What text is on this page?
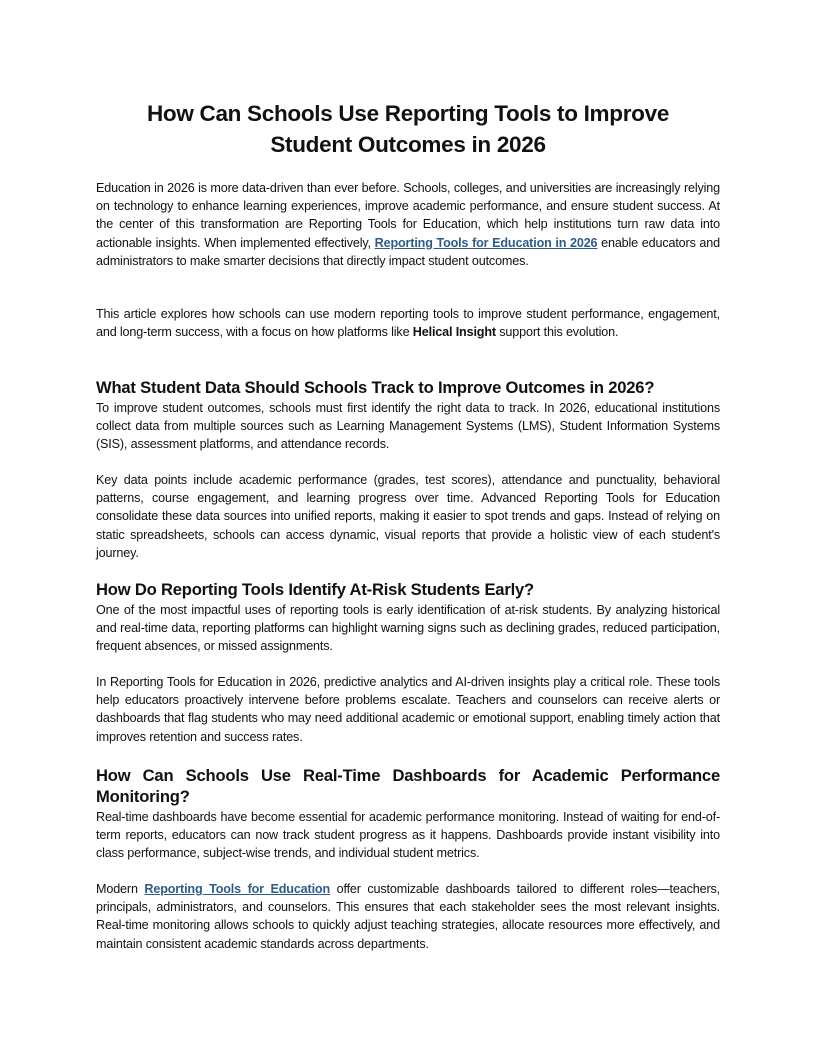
How Can Schools Use Reporting Tools to Improve
Student Outcomes in 2026

Education in 2026 is more data-driven than ever before. Schools, colleges, and universities are increasingly relying on technology to enhance learning experiences, improve academic performance, and ensure student success. At the center of this transformation are Reporting Tools for Education, which help institutions turn raw data into actionable insights. When implemented effectively, Reporting Tools for Education in 2026 enable educators and administrators to make smarter decisions that directly impact student outcomes.

This article explores how schools can use modern reporting tools to improve student performance, engagement, and long-term success, with a focus on how platforms like Helical Insight support this evolution.

What Student Data Should Schools Track to Improve Outcomes in 2026?

To improve student outcomes, schools must first identify the right data to track. In 2026, educational institutions collect data from multiple sources such as Learning Management Systems (LMS), Student Information Systems (SIS), assessment platforms, and attendance records.

Key data points include academic performance (grades, test scores), attendance and punctuality, behavioral patterns, course engagement, and learning progress over time. Advanced Reporting Tools for Education consolidate these data sources into unified reports, making it easier to spot trends and gaps. Instead of relying on static spreadsheets, schools can access dynamic, visual reports that provide a holistic view of each student's journey.

How Do Reporting Tools Identify At-Risk Students Early?

One of the most impactful uses of reporting tools is early identification of at-risk students. By analyzing historical and real-time data, reporting platforms can highlight warning signs such as declining grades, reduced participation, frequent absences, or missed assignments.

In Reporting Tools for Education in 2026, predictive analytics and AI-driven insights play a critical role. These tools help educators proactively intervene before problems escalate. Teachers and counselors can receive alerts or dashboards that flag students who may need additional academic or emotional support, enabling timely action that improves retention and success rates.

How Can Schools Use Real-Time Dashboards for Academic Performance Monitoring?

Real-time dashboards have become essential for academic performance monitoring. Instead of waiting for end-of-term reports, educators can now track student progress as it happens. Dashboards provide instant visibility into class performance, subject-wise trends, and individual student metrics.

Modern Reporting Tools for Education offer customizable dashboards tailored to different roles—teachers, principals, administrators, and counselors. This ensures that each stakeholder sees the most relevant insights. Real-time monitoring allows schools to quickly adjust teaching strategies, allocate resources more effectively, and maintain consistent academic standards across departments.
